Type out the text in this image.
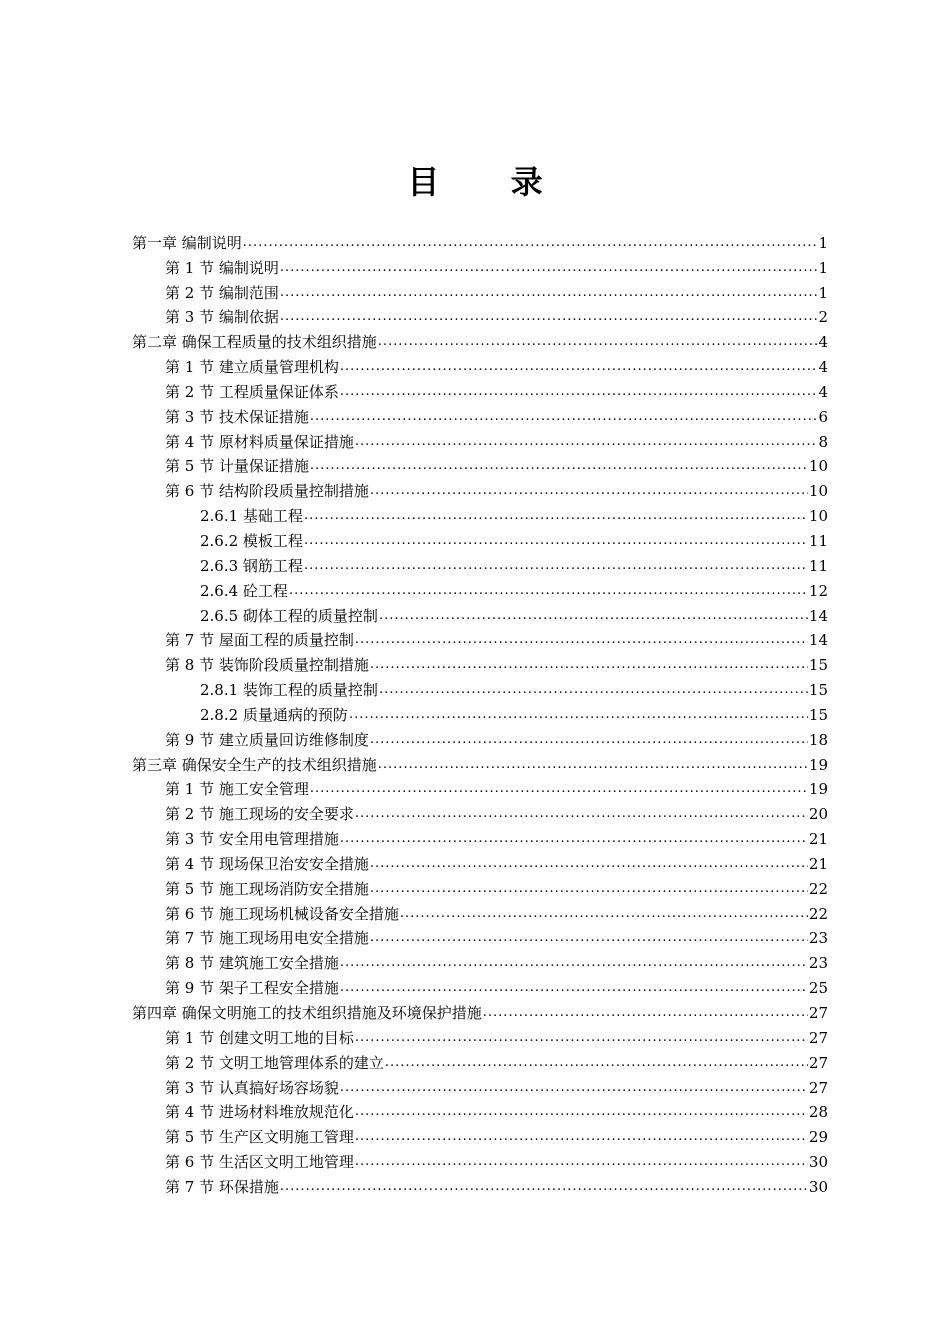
目 录
第一章 编制说明 .....	1
第 1 节 编制说明 .....	1
第 2 节 编制范围 .....	1
第 3 节 编制依据 .....	2
第二章 确保工程质量的技术组织措施 .....	4
第 1 节 建立质量管理机构 .....	4
第 2 节 工程质量保证体系 .....	4
第 3 节 技术保证措施 .....	6
第 4 节 原材料质量保证措施 .....	8
第 5 节 计量保证措施 .....	10
第 6 节 结构阶段质量控制措施 .....	10
2.6.1 基础工程 .....	10
2.6.2 模板工程 .....	11
2.6.3 钢筋工程 .....	11
2.6.4 砼工程 .....	12
2.6.5 砌体工程的质量控制 .....	14
第 7 节 屋面工程的质量控制 .....	14
第 8 节 装饰阶段质量控制措施 .....	15
2.8.1 装饰工程的质量控制 .....	15
2.8.2 质量通病的预防 .....	15
第 9 节 建立质量回访维修制度 .....	18
第三章 确保安全生产的技术组织措施 .....	19
第 1 节 施工安全管理 .....	19
第 2 节 施工现场的安全要求 .....	20
第 3 节 安全用电管理措施 .....	21
第 4 节 现场保卫治安安全措施 .....	21
第 5 节 施工现场消防安全措施 .....	22
第 6 节 施工现场机械设备安全措施 .....	22
第 7 节 施工现场用电安全措施 .....	23
第 8 节 建筑施工安全措施 .....	23
第 9 节 架子工程安全措施 .....	25
第四章 确保文明施工的技术组织措施及环境保护措施 .....	27
第 1 节 创建文明工地的目标 .....	27
第 2 节 文明工地管理体系的建立 .....	27
第 3 节 认真搞好场容场貌 .....	27
第 4 节 进场材料堆放规范化 .....	28
第 5 节 生产区文明施工管理 .....	29
第 6 节 生活区文明工地管理 .....	30
第 7 节 环保措施 .....	30
